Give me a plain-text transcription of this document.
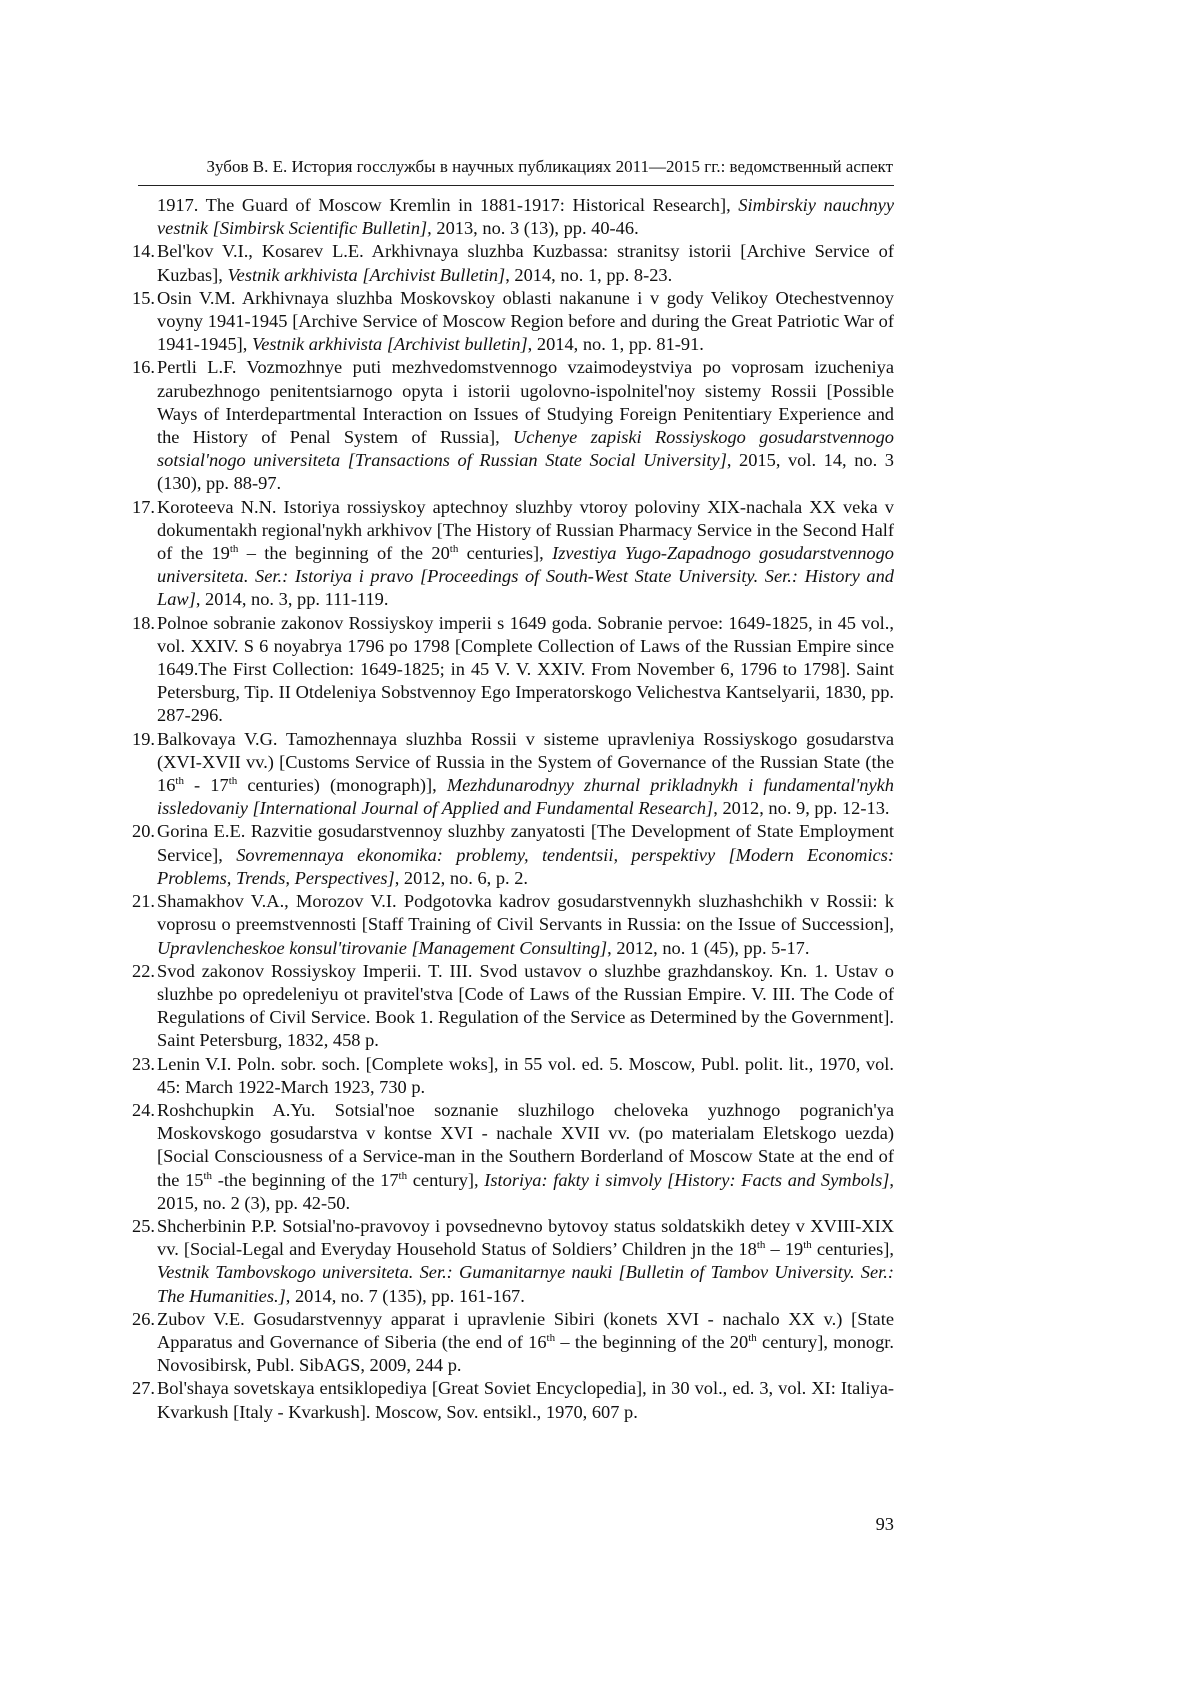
Зубов В. Е. История госслужбы в научных публикациях 2011—2015 гг.: ведомственный аспект
1917. The Guard of Moscow Kremlin in 1881-1917: Historical Research], Simbirskiy nauchnyy vestnik [Simbirsk Scientific Bulletin], 2013, no. 3 (13), pp. 40-46.
14. Bel'kov V.I., Kosarev L.E. Arkhivnaya sluzhba Kuzbassa: stranitsy istorii [Archive Service of Kuzbas], Vestnik arkhivista [Archivist Bulletin], 2014, no. 1, pp. 8-23.
15. Osin V.M. Arkhivnaya sluzhba Moskovskoy oblasti nakanune i v gody Velikoy Otechestvennoy voyny 1941-1945 [Archive Service of Moscow Region before and during the Great Patriotic War of 1941-1945], Vestnik arkhivista [Archivist bulletin], 2014, no. 1, pp. 81-91.
16. Pertli L.F. Vozmozhnye puti mezhvedomstvennogo vzaimodeystviya po voprosam izucheniya zarubezhnogo penitentsiarnogo opyta i istorii ugolovno-ispolnitel'noy sistemy Rossii [Possible Ways of Interdepartmental Interaction on Issues of Studying Foreign Penitentiary Experience and the History of Penal System of Russia], Uchenye zapiski Rossiyskogo gosudarstvennogo sotsial'nogo universiteta [Transactions of Russian State Social University], 2015, vol. 14, no. 3 (130), pp. 88-97.
17. Koroteeva N.N. Istoriya rossiyskoy aptechnoy sluzhby vtoroy poloviny XIX-nachala XX veka v dokumentakh regional'nykh arkhivov [The History of Russian Pharmacy Service in the Second Half of the 19th – the beginning of the 20th centuries], Izvestiya Yugo-Zapadnogo gosudarstvennogo universiteta. Ser.: Istoriya i pravo [Proceedings of South-West State University. Ser.: History and Law], 2014, no. 3, pp. 111-119.
18. Polnoe sobranie zakonov Rossiyskoy imperii s 1649 goda. Sobranie pervoe: 1649-1825, in 45 vol., vol. XXIV. S 6 noyabrya 1796 po 1798 [Complete Collection of Laws of the Russian Empire since 1649.The First Collection: 1649-1825; in 45 V. V. XXIV. From November 6, 1796 to 1798]. Saint Petersburg, Tip. II Otdeleniya Sobstvennoy Ego Imperatorskogo Velichestva Kantselyarii, 1830, pp. 287-296.
19. Balkovaya V.G. Tamozhennaya sluzhba Rossii v sisteme upravleniya Rossiyskogo gosudarstva (XVI-XVII vv.) [Customs Service of Russia in the System of Governance of the Russian State (the 16th - 17th centuries) (monograph)], Mezhdunarodnyy zhurnal prikladnykh i fundamental'nykh issledovaniy [International Journal of Applied and Fundamental Research], 2012, no. 9, pp. 12-13.
20. Gorina E.E. Razvitie gosudarstvennoy sluzhby zanyatosti [The Development of State Employment Service], Sovremennaya ekonomika: problemy, tendentsii, perspektivy [Modern Economics: Problems, Trends, Perspectives], 2012, no. 6, p. 2.
21. Shamakhov V.A., Morozov V.I. Podgotovka kadrov gosudarstvennykh sluzhashchikh v Rossii: k voprosu o preemstvennosti [Staff Training of Civil Servants in Russia: on the Issue of Succession], Upravlencheskoe konsul'tirovanie [Management Consulting], 2012, no. 1 (45), pp. 5-17.
22. Svod zakonov Rossiyskoy Imperii. T. III. Svod ustavov o sluzhbe grazhdanskoy. Kn. 1. Ustav o sluzhbe po opredeleniyu ot pravitel'stva [Code of Laws of the Russian Empire. V. III. The Code of Regulations of Civil Service. Book 1. Regulation of the Service as Determined by the Government]. Saint Petersburg, 1832, 458 p.
23. Lenin V.I. Poln. sobr. soch. [Complete woks], in 55 vol. ed. 5. Moscow, Publ. polit. lit., 1970, vol. 45: March 1922-March 1923, 730 p.
24. Roshchupkin A.Yu. Sotsial'noe soznanie sluzhilogo cheloveka yuzhnogo pogranich'ya Moskovskogo gosudarstva v kontse XVI - nachale XVII vv. (po materialam Eletskogo uezda) [Social Consciousness of a Service-man in the Southern Borderland of Moscow State at the end of the 15th -the beginning of the 17th century], Istoriya: fakty i simvoly [History: Facts and Symbols], 2015, no. 2 (3), pp. 42-50.
25. Shcherbinin P.P. Sotsial'no-pravovoy i povsednevno bytovoy status soldatskikh detey v XVIII-XIX vv. [Social-Legal and Everyday Household Status of Soldiers’ Children jn the 18th – 19th centuries], Vestnik Tambovskogo universiteta. Ser.: Gumanitarnye nauki [Bulletin of Tambov University. Ser.: The Humanities.], 2014, no. 7 (135), pp. 161-167.
26. Zubov V.E. Gosudarstvennyy apparat i upravlenie Sibiri (konets XVI - nachalo XX v.) [State Apparatus and Governance of Siberia (the end of 16th – the beginning of the 20th century], monogr. Novosibirsk, Publ. SibAGS, 2009, 244 p.
27. Bol'shaya sovetskaya entsiklopediya [Great Soviet Encyclopedia], in 30 vol., ed. 3, vol. XI: Italiya-Kvarkush [Italy - Kvarkush]. Moscow, Sov. entsikl., 1970, 607 p.
93
